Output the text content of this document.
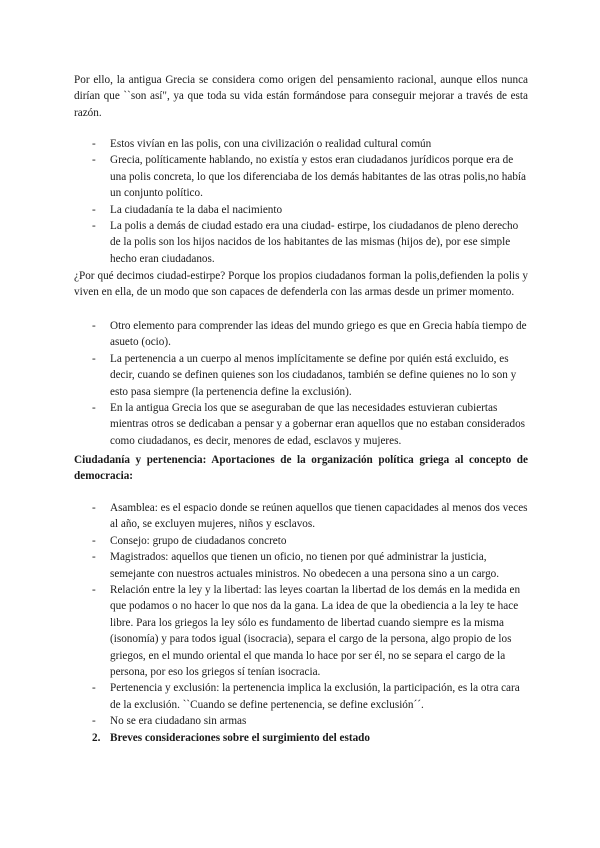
Por ello, la antigua Grecia se considera como origen del pensamiento racional, aunque ellos nunca dirían que ``son así", ya que toda su vida están formándose para conseguir mejorar a través de esta razón.

- Estos vivían en las polis, con una civilización o realidad cultural común
- Grecia, políticamente hablando, no existía y estos eran ciudadanos jurídicos porque era de una polis concreta, lo que los diferenciaba de los demás habitantes de las otras polis,no había un conjunto político.
- La ciudadanía te la daba el nacimiento
- La polis a demás de ciudad estado era una ciudad- estirpe, los ciudadanos de pleno derecho de la polis son los hijos nacidos de los habitantes de las mismas (hijos de), por ese simple hecho eran ciudadanos.

¿Por qué decimos ciudad-estirpe? Porque los propios ciudadanos forman la polis,defienden la polis y viven en ella, de un modo que son capaces de defenderla con las armas desde un primer momento.

- Otro elemento para comprender las ideas del mundo griego es que en Grecia había tiempo de asueto (ocio).
- La pertenencia a un cuerpo al menos implícitamente se define por quién está excluido, es decir, cuando se definen quienes son los ciudadanos, también se define quienes no lo son y esto pasa siempre (la pertenencia define la exclusión).
- En la antigua Grecia los que se aseguraban de que las necesidades estuvieran cubiertas mientras otros se dedicaban a pensar y a gobernar eran aquellos que no estaban considerados como ciudadanos, es decir, menores de edad, esclavos y mujeres.

Ciudadanía y pertenencia: Aportaciones de la organización política griega al concepto de democracia:

- Asamblea: es el espacio donde se reúnen aquellos que tienen capacidades al menos dos veces al año, se excluyen mujeres, niños y esclavos.
- Consejo: grupo de ciudadanos concreto
- Magistrados: aquellos que tienen un oficio, no tienen por qué administrar la justicia, semejante con nuestros actuales ministros. No obedecen a una persona sino a un cargo.
- Relación entre la ley y la libertad: las leyes coartan la libertad de los demás en la medida en que podamos o no hacer lo que nos da la gana. La idea de que la obediencia a la ley te hace libre. Para los griegos la ley sólo es fundamento de libertad cuando siempre es la misma (isonomía) y para todos igual (isocracia), separa el cargo de la persona, algo propio de los griegos, en el mundo oriental el que manda lo hace por ser él, no se separa el cargo de la persona, por eso los griegos sí tenían isocracia.
- Pertenencia y exclusión: la pertenencia implica la exclusión, la participación, es la otra cara de la exclusión. ``Cuando se define pertenencia, se define exclusión´´.
- No se era ciudadano sin armas

2. Breves consideraciones sobre el surgimiento del estado
